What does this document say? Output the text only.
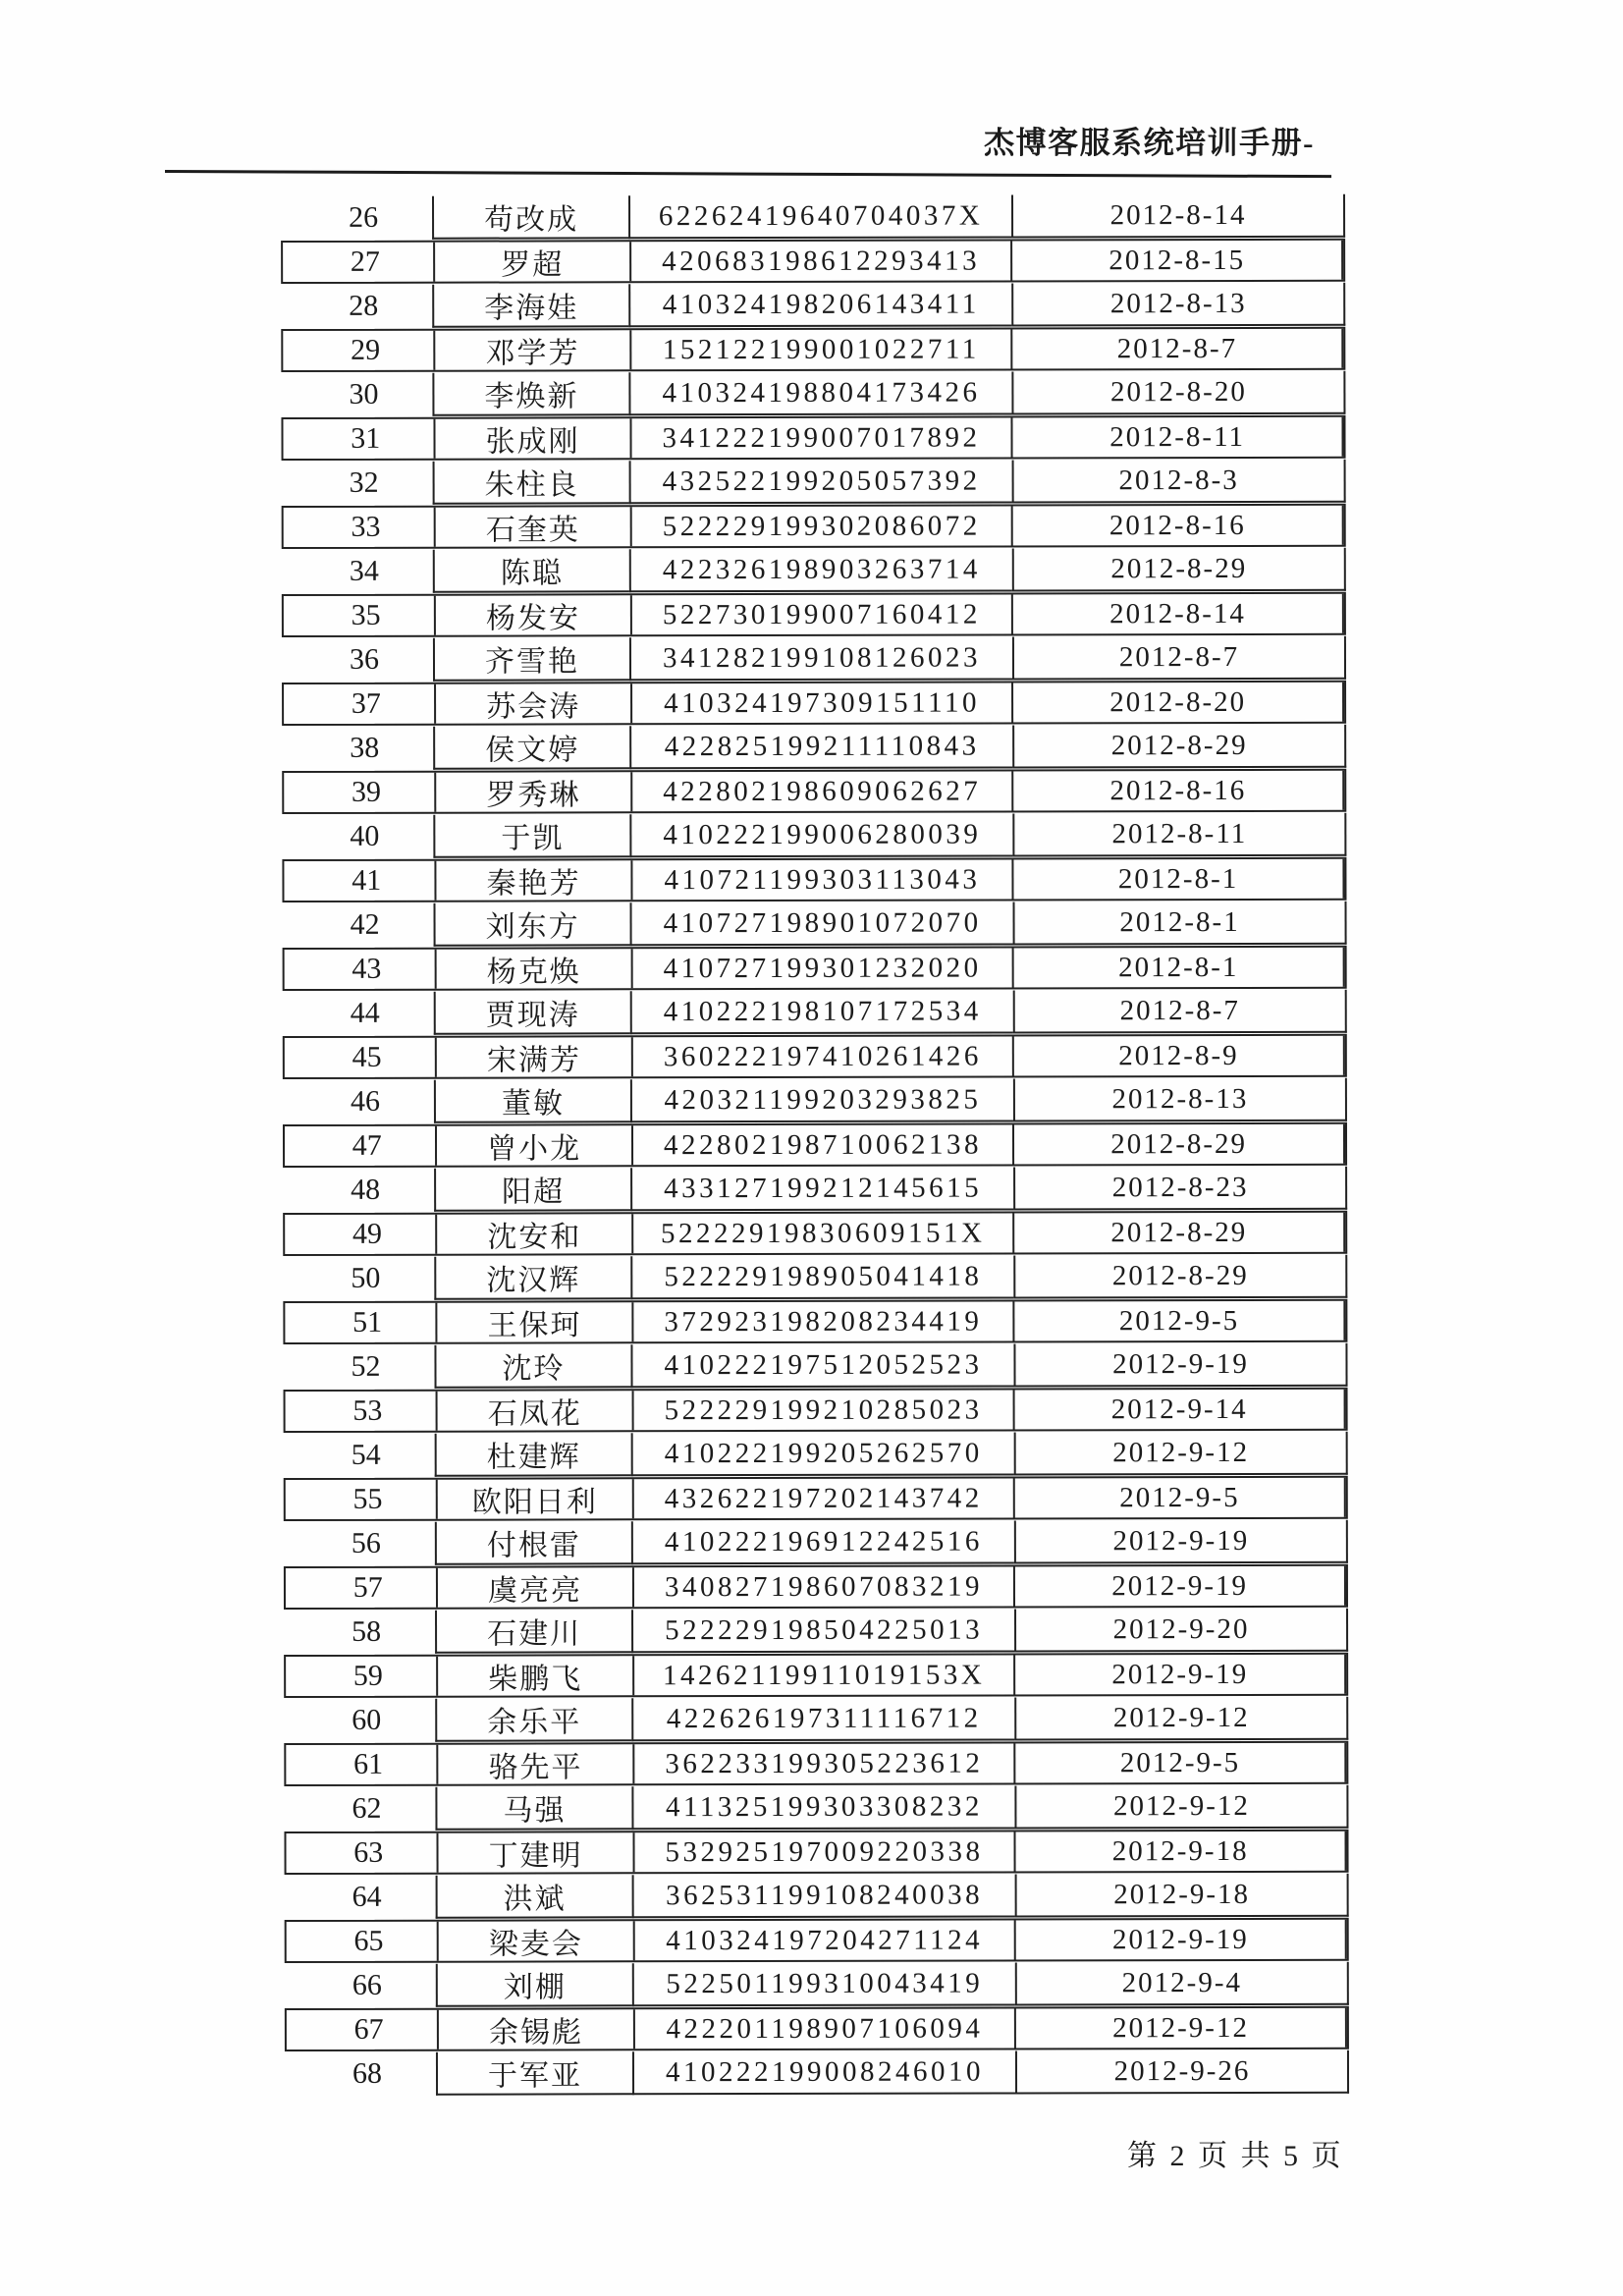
杰博客服系统培训手册-
26	苟改成	62262419640704037X	2012-8-14
27	罗超	420683198612293413	2012-8-15
28	李海娃	410324198206143411	2012-8-13
29	邓学芳	152122199001022711	2012-8-7
30	李焕新	410324198804173426	2012-8-20
31	张成刚	341222199007017892	2012-8-11
32	朱柱良	432522199205057392	2012-8-3
33	石奎英	522229199302086072	2012-8-16
34	陈聪	422326198903263714	2012-8-29
35	杨发安	522730199007160412	2012-8-14
36	齐雪艳	341282199108126023	2012-8-7
37	苏会涛	410324197309151110	2012-8-20
38	侯文婷	422825199211110843	2012-8-29
39	罗秀琳	422802198609062627	2012-8-16
40	于凯	410222199006280039	2012-8-11
41	秦艳芳	410721199303113043	2012-8-1
42	刘东方	410727198901072070	2012-8-1
43	杨克焕	410727199301232020	2012-8-1
44	贾现涛	410222198107172534	2012-8-7
45	宋满芳	360222197410261426	2012-8-9
46	董敏	420321199203293825	2012-8-13
47	曾小龙	422802198710062138	2012-8-29
48	阳超	433127199212145615	2012-8-23
49	沈安和	52222919830609151X	2012-8-29
50	沈汉辉	522229198905041418	2012-8-29
51	王保珂	372923198208234419	2012-9-5
52	沈玲	410222197512052523	2012-9-19
53	石凤花	522229199210285023	2012-9-14
54	杜建辉	410222199205262570	2012-9-12
55	欧阳日利	432622197202143742	2012-9-5
56	付根雷	410222196912242516	2012-9-19
57	虞亮亮	340827198607083219	2012-9-19
58	石建川	522229198504225013	2012-9-20
59	柴鹏飞	14262119911019153X	2012-9-19
60	余乐平	422626197311116712	2012-9-12
61	骆先平	362233199305223612	2012-9-5
62	马强	411325199303308232	2012-9-12
63	丁建明	532925197009220338	2012-9-18
64	洪斌	362531199108240038	2012-9-18
65	梁麦会	410324197204271124	2012-9-19
66	刘棚	522501199310043419	2012-9-4
67	余锡彪	422201198907106094	2012-9-12
68	于军亚	410222199008246010	2012-9-26
第 2 页 共 5 页
